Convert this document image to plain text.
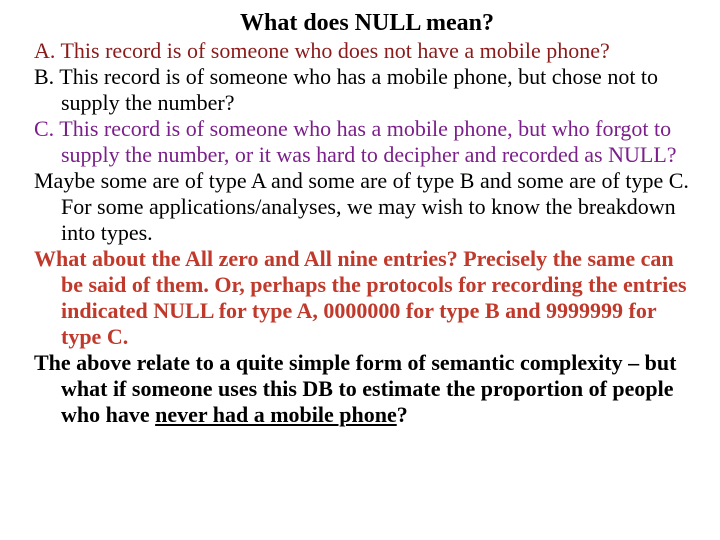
What does NULL mean?

A. This record is of someone who does not have a mobile phone?

B. This record is of someone who has a mobile phone, but chose not to supply the number?

C. This record is of someone who has a mobile phone, but who forgot to supply the number, or it was hard to decipher and recorded as NULL?

Maybe some are of type A and some are of type B and some are of type C. For some applications/analyses, we may wish to know the breakdown into types.

What about the All zero and All nine entries? Precisely the same can be said of them. Or, perhaps the protocols for recording the entries indicated NULL for type A, 0000000 for type B and 9999999 for type C.

The above relate to a quite simple form of semantic complexity – but what if someone uses this DB to estimate the proportion of people who have never had a mobile phone?
